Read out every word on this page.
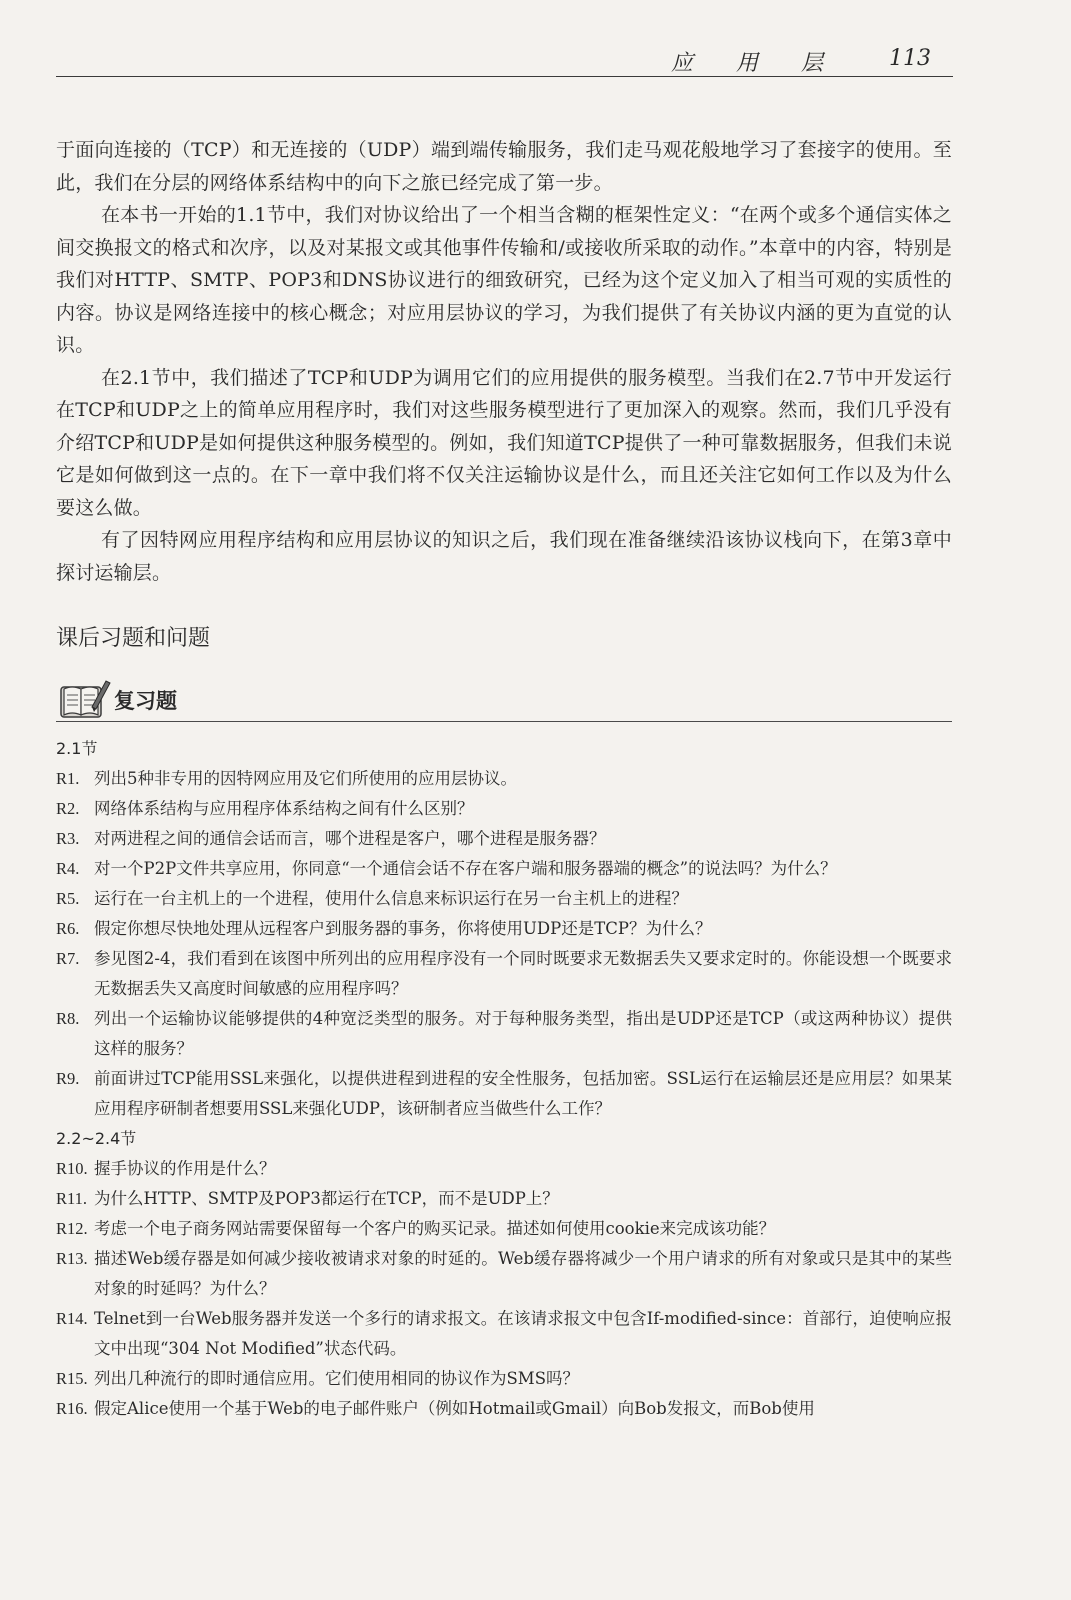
应 用 层 113

于面向连接的（TCP）和无连接的（UDP）端到端传输服务，我们走马观花般地学习了套接字的使用。至此，我们在分层的网络体系结构中的向下之旅已经完成了第一步。

在本书一开始的1.1节中，我们对协议给出了一个相当含糊的框架性定义：“在两个或多个通信实体之间交换报文的格式和次序，以及对某报文或其他事件传输和/或接收所采取的动作。”本章中的内容，特别是我们对HTTP、SMTP、POP3和DNS协议进行的细致研究，已经为这个定义加入了相当可观的实质性的内容。协议是网络连接中的核心概念；对应用层协议的学习，为我们提供了有关协议内涵的更为直觉的认识。

在2.1节中，我们描述了TCP和UDP为调用它们的应用提供的服务模型。当我们在2.7节中开发运行在TCP和UDP之上的简单应用程序时，我们对这些服务模型进行了更加深入的观察。然而，我们几乎没有介绍TCP和UDP是如何提供这种服务模型的。例如，我们知道TCP提供了一种可靠数据服务，但我们未说它是如何做到这一点的。在下一章中我们将不仅关注运输协议是什么，而且还关注它如何工作以及为什么要这么做。

有了因特网应用程序结构和应用层协议的知识之后，我们现在准备继续沿该协议栈向下，在第3章中探讨运输层。

课后习题和问题
复习题
2.1节
R1. 列出5种非专用的因特网应用及它们所使用的应用层协议。
R2. 网络体系结构与应用程序体系结构之间有什么区别？
R3. 对两进程之间的通信会话而言，哪个进程是客户，哪个进程是服务器？
R4. 对一个P2P文件共享应用，你同意“一个通信会话不存在客户端和服务器端的概念”的说法吗？为什么？
R5. 运行在一台主机上的一个进程，使用什么信息来标识运行在另一台主机上的进程？
R6. 假定你想尽快地处理从远程客户到服务器的事务，你将使用UDP还是TCP？为什么？
R7. 参见图2-4，我们看到在该图中所列出的应用程序没有一个同时既要求无数据丢失又要求定时的。你能设想一个既要求无数据丢失又高度时间敏感的应用程序吗？
R8. 列出一个运输协议能够提供的4种宽泛类型的服务。对于每种服务类型，指出是UDP还是TCP（或这两种协议）提供这样的服务？
R9. 前面讲过TCP能用SSL来强化，以提供进程到进程的安全性服务，包括加密。SSL运行在运输层还是应用层？如果某应用程序研制者想要用SSL来强化UDP，该研制者应当做些什么工作？
2.2~2.4节
R10. 握手协议的作用是什么？
R11. 为什么HTTP、SMTP及POP3都运行在TCP，而不是UDP上？
R12. 考虑一个电子商务网站需要保留每一个客户的购买记录。描述如何使用cookie来完成该功能？
R13. 描述Web缓存器是如何减少接收被请求对象的时延的。Web缓存器将减少一个用户请求的所有对象或只是其中的某些对象的时延吗？为什么？
R14. Telnet到一台Web服务器并发送一个多行的请求报文。在该请求报文中包含If-modified-since：首部行，迫使响应报文中出现“304 Not Modified”状态代码。
R15. 列出几种流行的即时通信应用。它们使用相同的协议作为SMS吗？
R16. 假定Alice使用一个基于Web的电子邮件账户（例如Hotmail或Gmail）向Bob发报文，而Bob使用
